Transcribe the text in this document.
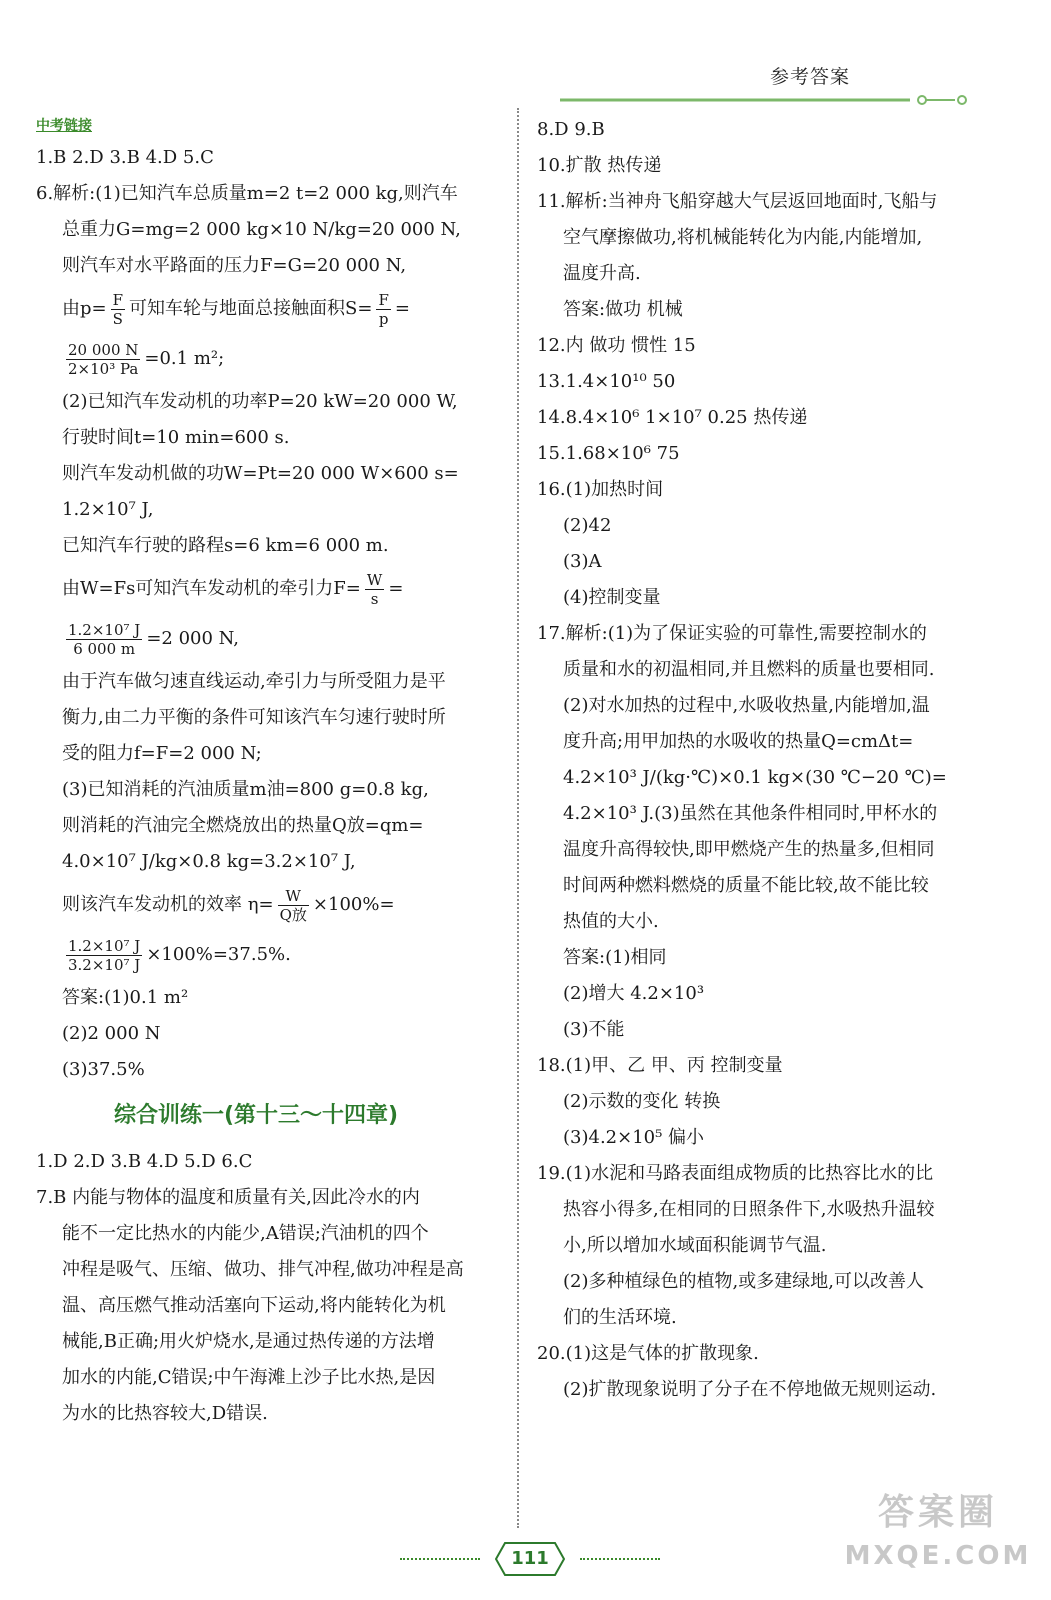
参考答案
中考链接
1.B 2.D 3.B 4.D 5.C
6.解析:(1)已知汽车总质量m=2 t=2 000 kg,则汽车
总重力G=mg=2 000 kg×10 N/kg=20 000 N,
则汽车对水平路面的压力F=G=20 000 N,
由$p= \frac{F}{S}$ 可知车轮与地面总接触面积$S= \frac{F}{p}$ =
$\frac{20 000 N}{\text{2×10³ Pa}} =0.1$ m²;
(2)已知汽车发动机的功率P=20 kW=20 000 W,
行驶时间t=10 min=600 s.
则汽车发动机做的功W=Pt=20 000 W×600 s=
1.2×10⁷ J,
已知汽车行驶的路程s=6 km=6 000 m.
由W=Fs可知汽车发动机的牵引力$F= \frac{W}{s}$ =
$\frac{\text{1.2×10⁷ J}}{6 000 m} =2$ 000 N,
由于汽车做匀速直线运动,牵引力与所受阻力是平
衡力,由二力平衡的条件可知该汽车匀速行驶时所
受的阻力f=F=2 000 N;
(3)已知消耗的汽油质量m油=800 g=0.8 kg,
则消耗的汽油完全燃烧放出的热量Q放=qm=
4.0×10⁷ J/kg×0.8 kg=3.2×10⁷ J,
则该汽车发动机的效率 $\eta= \frac{W}{\text{Q放}} \times 100\%=$
$\frac{\text{1.2×10⁷ J}}{\text{3.2×10⁷ J}} \times 100\%=37.5\%$.
答案:(1)0.1 m²
(2)2 000 N
(3)37.5%
综合训练一(第十三～十四章)
1.D 2.D 3.B 4.D 5.D 6.C
7.B 内能与物体的温度和质量有关,因此冷水的内
能不一定比热水的内能少,A错误;汽油机的四个
冲程是吸气、压缩、做功、排气冲程,做功冲程是高
温、高压燃气推动活塞向下运动,将内能转化为机
械能,B正确;用火炉烧水,是通过热传递的方法增
加水的内能,C错误;中午海滩上沙子比水热,是因
为水的比热容较大,D错误.
8.D 9.B
10.扩散 热传递
11.解析:当神舟飞船穿越大气层返回地面时,飞船与
空气摩擦做功,将机械能转化为内能,内能增加,
温度升高.
答案:做功 机械
12.内 做功 惯性 15
13.1.4×10¹⁰ 50
14.8.4×10⁶ 1×10⁷ 0.25 热传递
15.1.68×10⁶ 75
16.(1)加热时间
(2)42
(3)A
(4)控制变量
17.解析:(1)为了保证实验的可靠性,需要控制水的
质量和水的初温相同,并且燃料的质量也要相同.
(2)对水加热的过程中,水吸收热量,内能增加,温
度升高;用甲加热的水吸收的热量Q=cmΔt=
4.2×10³ J/(kg·℃)×0.1 kg×(30 ℃−20 ℃)=
4.2×10³ J.(3)虽然在其他条件相同时,甲杯水的
温度升高得较快,即甲燃烧产生的热量多,但相同
时间两种燃料燃烧的质量不能比较,故不能比较
热值的大小.
答案:(1)相同
(2)增大 4.2×10³
(3)不能
18.(1)甲、乙 甲、丙 控制变量
(2)示数的变化 转换
(3)4.2×10⁵ 偏小
19.(1)水泥和马路表面组成物质的比热容比水的比
热容小得多,在相同的日照条件下,水吸热升温较
小,所以增加水域面积能调节气温.
(2)多种植绿色的植物,或多建绿地,可以改善人
们的生活环境.
20.(1)这是气体的扩散现象.
(2)扩散现象说明了分子在不停地做无规则运动.
111
答案圈
MXQE.COM
